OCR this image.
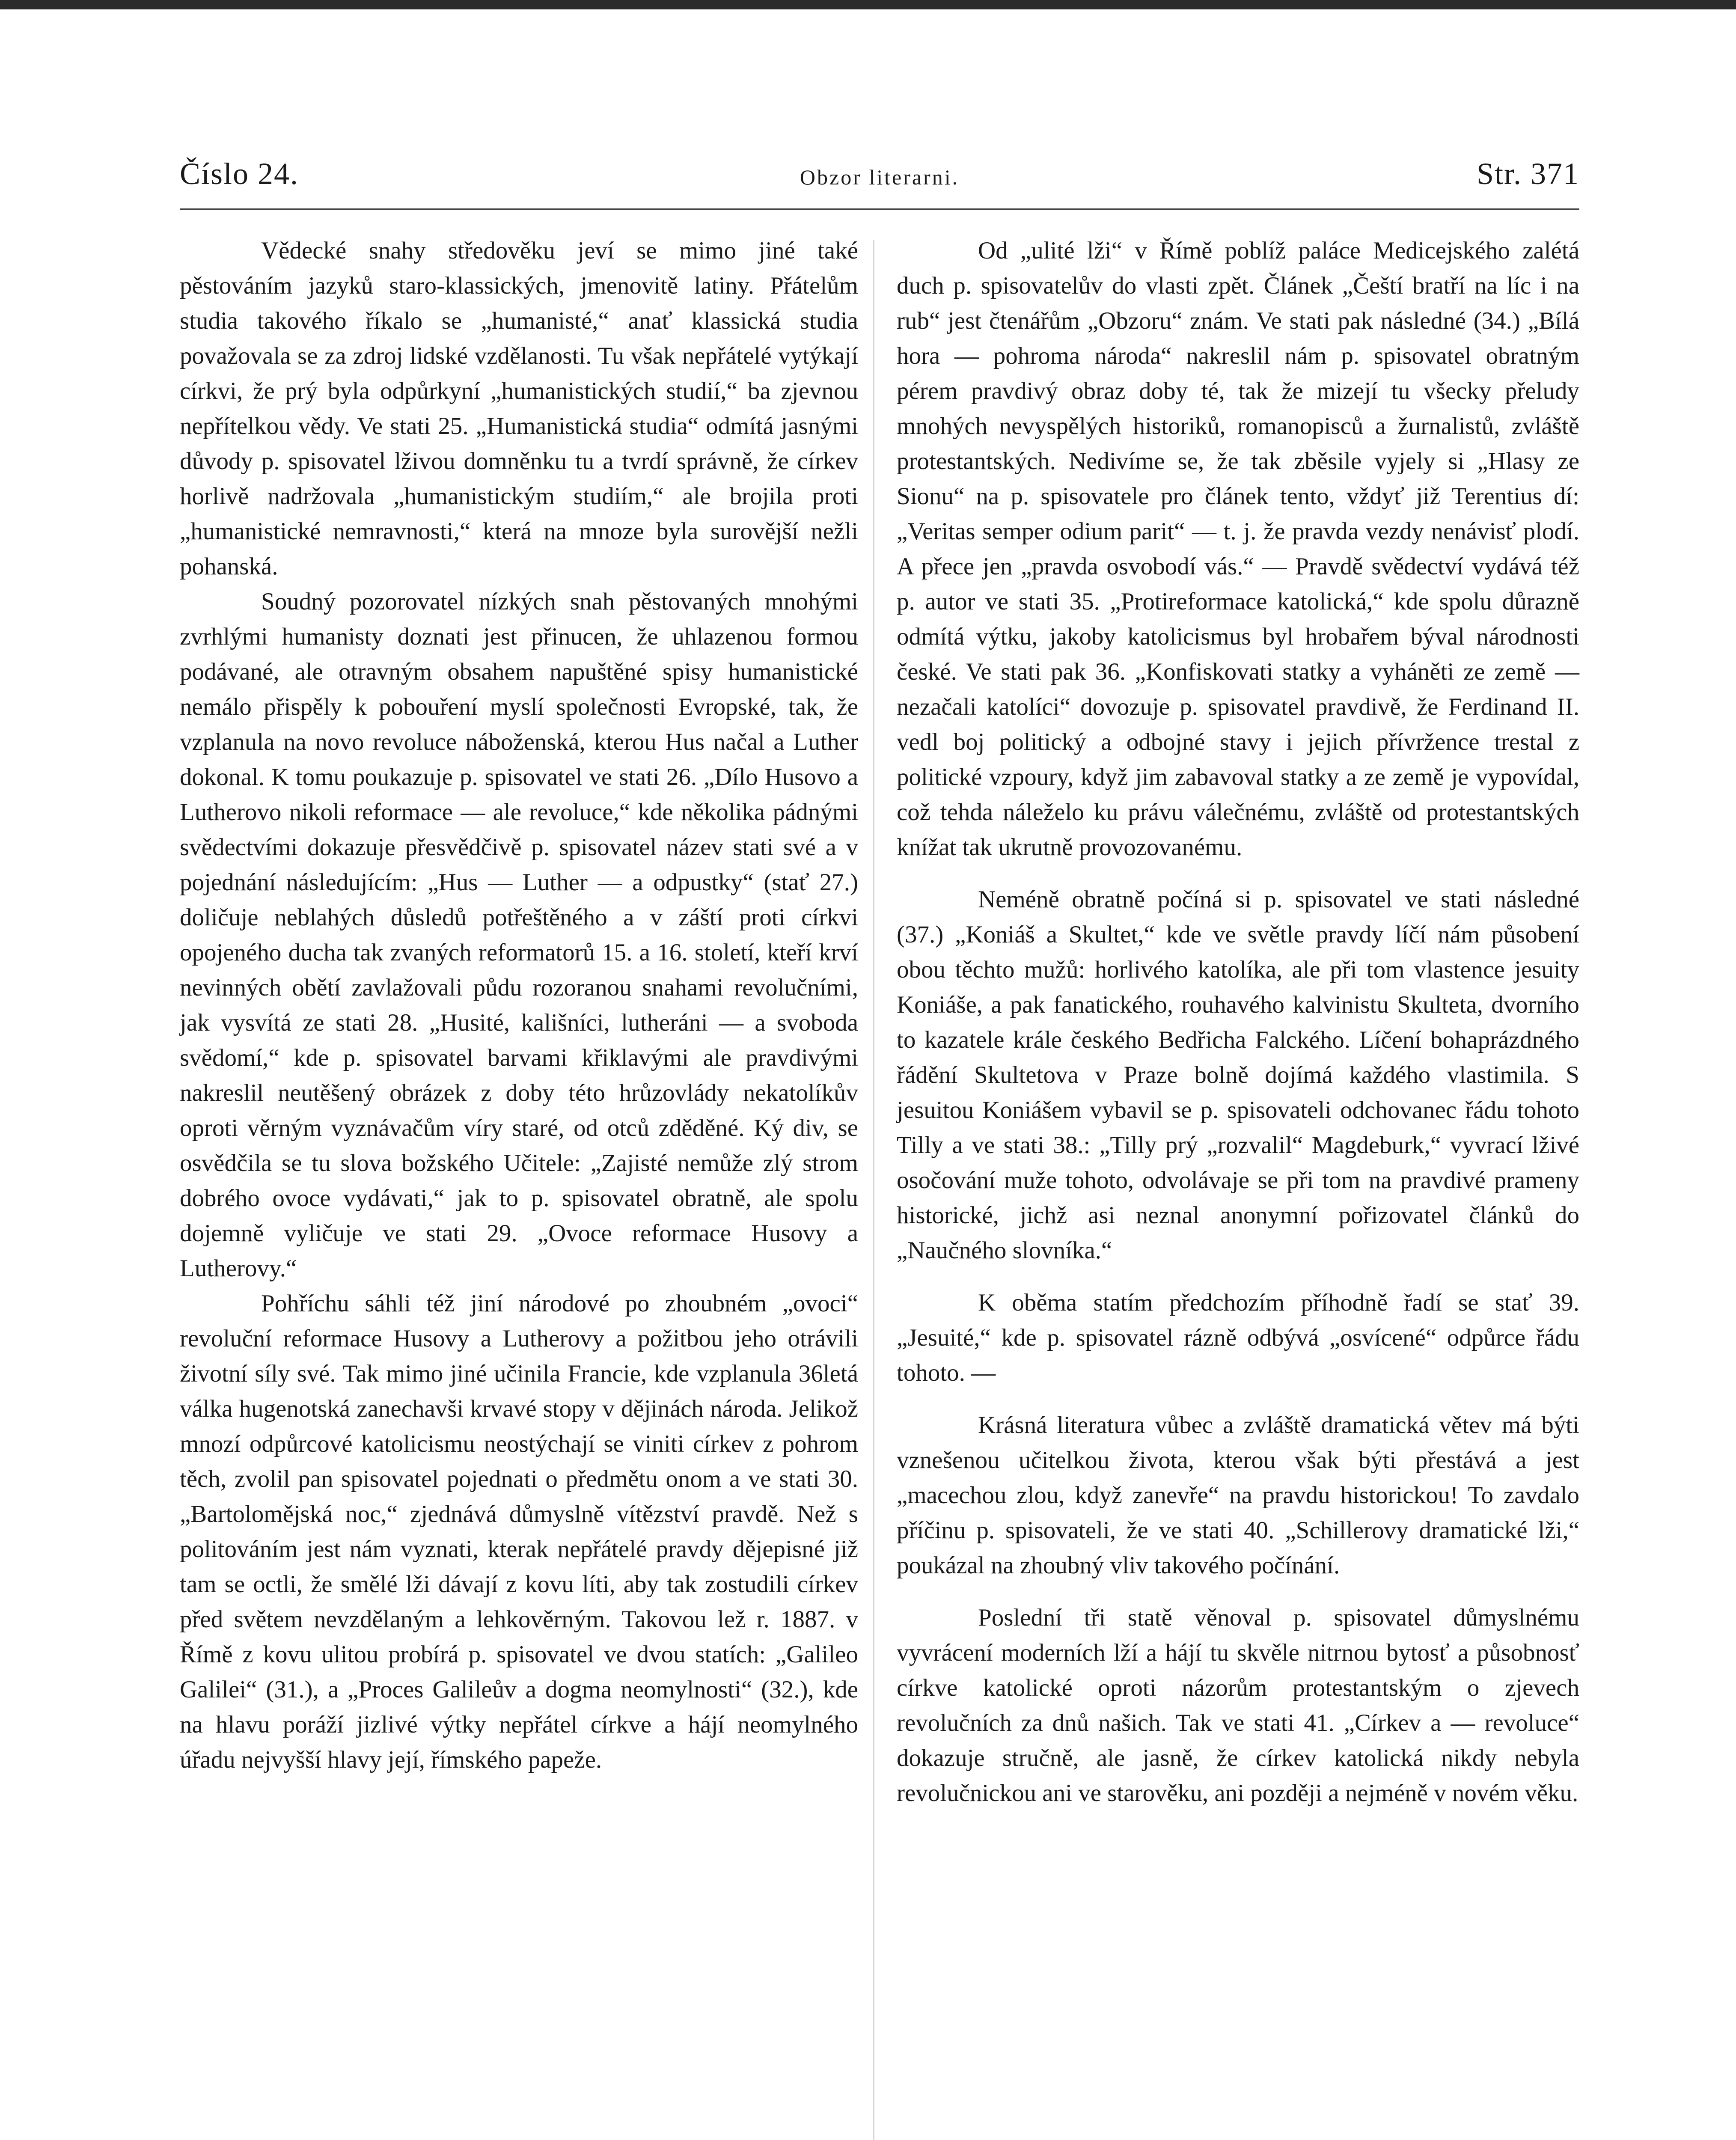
Číslo 24.	Obzor literarni.	Str. 371

Vědecké snahy středověku jeví se mimo jiné také pěstováním jazyků staro-klassických, jmenovitě latiny. Přátelům studia takového říkalo se „humanisté,“ anať klassická studia považovala se za zdroj lidské vzdělanosti. Tu však nepřátelé vytýkají církvi, že prý byla odpůrkyní „humanistických studií,“ ba zjevnou nepřítelkou vědy. Ve stati 25. „Humanistická studia“ odmítá jasnými důvody p. spisovatel lživou domněnku tu a tvrdí správně, že církev horlivě nadržovala „humanistickým studiím,“ ale brojila proti „humanistické nemravnosti,“ která na mnoze byla surovější nežli pohanská.

Soudný pozorovatel nízkých snah pěstovaných mnohými zvrhlými humanisty doznati jest přinucen, že uhlazenou formou podávané, ale otravným obsahem napuštěné spisy humanistické nemálo přispěly k pobouření myslí společnosti Evropské, tak, že vzplanula na novo revoluce náboženská, kterou Hus načal a Luther dokonal. K tomu poukazuje p. spisovatel ve stati 26. „Dílo Husovo a Lutherovo nikoli reformace — ale revoluce,“ kde několika pádnými svědectvími dokazuje přesvědčivě p. spisovatel název stati své a v pojednání následujícím: „Hus — Luther — a odpustky“ (stať 27.) doličuje neblahých důsledů potřeštěného a v záští proti církvi opojeného ducha tak zvaných reformatorů 15. a 16. století, kteří krví nevinných obětí zavlažovali půdu rozoranou snahami revolučními, jak vysvítá ze stati 28. „Husité, kališníci, lutheráni — a svoboda svědomí,“ kde p. spisovatel barvami křiklavými ale pravdivými nakreslil neutěšený obrázek z doby této hrůzovlády nekatolíkův oproti věrným vyznávačům víry staré, od otců zděděné. Ký div, se osvědčila se tu slova božského Učitele: „Zajisté nemůže zlý strom dobrého ovoce vydávati,“ jak to p. spisovatel obratně, ale spolu dojemně vyličuje ve stati 29. „Ovoce reformace Husovy a Lutherovy.“

Pohříchu sáhli též jiní národové po zhoubném „ovoci“ revoluční reformace Husovy a Lutherovy a požitbou jeho otrávili životní síly své. Tak mimo jiné učinila Francie, kde vzplanula 36letá válka hugenotská zanechavši krvavé stopy v dějinách národa. Jelikož mnozí odpůrcové katolicismu neostýchají se viniti církev z pohrom těch, zvolil pan spisovatel pojednati o předmětu onom a ve stati 30. „Bartolomějská noc,“ zjednává důmyslně vítězství pravdě. Než s politováním jest nám vyznati, kterak nepřátelé pravdy dějepisné již tam se octli, že smělé lži dávají z kovu líti, aby tak zostudili církev před světem nevzdělaným a lehkověrným. Takovou lež r. 1887. v Římě z kovu ulitou probírá p. spisovatel ve dvou statích: „Galileo Galilei“ (31.), a „Proces Galileův a dogma neomylnosti“ (32.), kde na hlavu poráží jizlivé výtky nepřátel církve a hájí neomylného úřadu nejvyšší hlavy její, římského papeže.

Od „ulité lži“ v Římě poblíž paláce Medicejského zalétá duch p. spisovatelův do vlasti zpět. Článek „Čeští bratří na líc i na rub“ jest čtenářům „Obzoru“ znám. Ve stati pak následné (34.) „Bílá hora — pohroma národa“ nakreslil nám p. spisovatel obratným pérem pravdivý obraz doby té, tak že mizejí tu všecky přeludy mnohých nevyspělých historiků, romanopisců a žurnalistů, zvláště protestantských. Nedivíme se, že tak zběsile vyjely si „Hlasy ze Sionu“ na p. spisovatele pro článek tento, vždyť již Terentius dí: „Veritas semper odium parit“ — t. j. že pravda vezdy nenávisť plodí. A přece jen „pravda osvobodí vás.“ — Pravdě svědectví vydává též p. autor ve stati 35. „Protireformace katolická,“ kde spolu důrazně odmítá výtku, jakoby katolicismus byl hrobařem býval národnosti české. Ve stati pak 36. „Konfiskovati statky a vyháněti ze země — nezačali katolíci“ dovozuje p. spisovatel pravdivě, že Ferdinand II. vedl boj politický a odbojné stavy i jejich přívržence trestal z politické vzpoury, když jim zabavoval statky a ze země je vypovídal, což tehda náleželo ku právu válečnému, zvláště od protestantských knížat tak ukrutně provozovanému.

Neméně obratně počíná si p. spisovatel ve stati následné (37.) „Koniáš a Skultet,“ kde ve světle pravdy líčí nám působení obou těchto mužů: horlivého katolíka, ale při tom vlastence jesuity Koniáše, a pak fanatického, rouhavého kalvinistu Skulteta, dvorního to kazatele krále českého Bedřicha Falckého. Líčení bohaprázdného řádění Skultetova v Praze bolně dojímá každého vlastimila. S jesuitou Koniášem vybavil se p. spisovateli odchovanec řádu tohoto Tilly a ve stati 38.: „Tilly prý „rozvalil“ Magdeburk,“ vyvrací lživé osočování muže tohoto, odvolávaje se při tom na pravdivé prameny historické, jichž asi neznal anonymní pořizovatel článků do „Naučného slovníka.“

K oběma statím předchozím příhodně řadí se stať 39. „Jesuité,“ kde p. spisovatel rázně odbývá „osvícené“ odpůrce řádu tohoto. —

Krásná literatura vůbec a zvláště dramatická větev má býti vznešenou učitelkou života, kterou však býti přestává a jest „macechou zlou, když zanevře“ na pravdu historickou! To zavdalo příčinu p. spisovateli, že ve stati 40. „Schillerovy dramatické lži,“ poukázal na zhoubný vliv takového počínání.

Poslední tři statě věnoval p. spisovatel důmyslnému vyvrácení moderních lží a hájí tu skvěle nitrnou bytosť a působnosť církve katolické oproti názorům protestantským o zjevech revolučních za dnů našich. Tak ve stati 41. „Církev a — revoluce“ dokazuje stručně, ale jasně, že církev katolická nikdy nebyla revolučnickou ani ve starověku, ani později a nejméně v novém věku.
